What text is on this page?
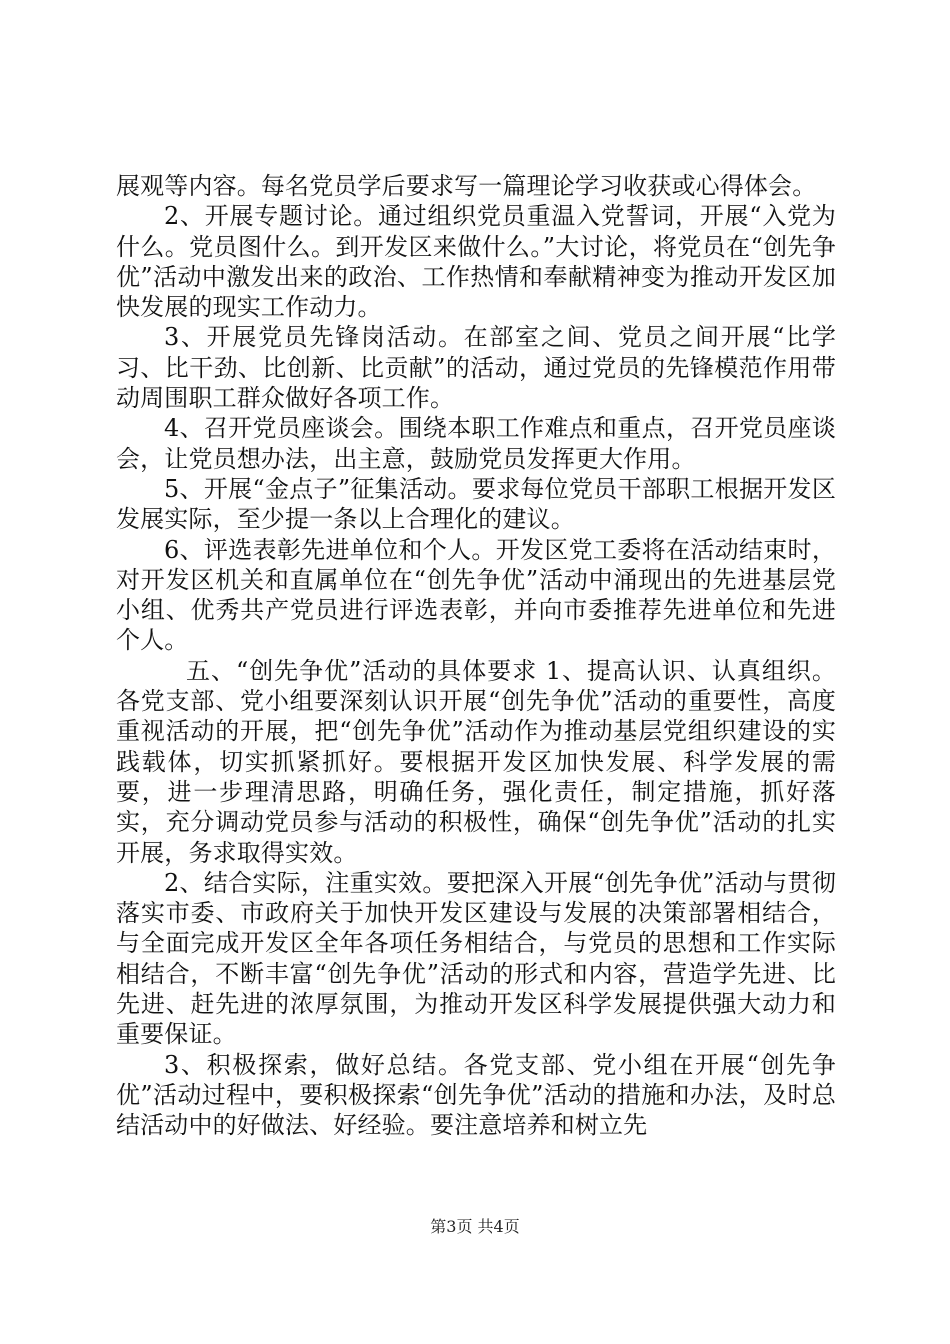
展观等内容。每名党员学后要求写一篇理论学习收获或心得体会。

2、开展专题讨论。通过组织党员重温入党誓词，开展“入党为什么。党员图什么。到开发区来做什么。”大讨论，将党员在“创先争优”活动中激发出来的政治、工作热情和奉献精神变为推动开发区加快发展的现实工作动力。

3、开展党员先锋岗活动。在部室之间、党员之间开展“比学习、比干劲、比创新、比贡献”的活动，通过党员的先锋模范作用带动周围职工群众做好各项工作。

4、召开党员座谈会。围绕本职工作难点和重点，召开党员座谈会，让党员想办法，出主意，鼓励党员发挥更大作用。

5、开展“金点子”征集活动。要求每位党员干部职工根据开发区发展实际，至少提一条以上合理化的建议。

6、评选表彰先进单位和个人。开发区党工委将在活动结束时，对开发区机关和直属单位在“创先争优”活动中涌现出的先进基层党小组、优秀共产党员进行评选表彰，并向市委推荐先进单位和先进个人。

五、“创先争优”活动的具体要求 1、提高认识、认真组织。各党支部、党小组要深刻认识开展“创先争优”活动的重要性，高度重视活动的开展，把“创先争优”活动作为推动基层党组织建设的实践载体，切实抓紧抓好。要根据开发区加快发展、科学发展的需要，进一步理清思路，明确任务，强化责任，制定措施，抓好落实，充分调动党员参与活动的积极性，确保“创先争优”活动的扎实开展，务求取得实效。

2、结合实际，注重实效。要把深入开展“创先争优”活动与贯彻落实市委、市政府关于加快开发区建设与发展的决策部署相结合，与全面完成开发区全年各项任务相结合，与党员的思想和工作实际相结合，不断丰富“创先争优”活动的形式和内容，营造学先进、比先进、赶先进的浓厚氛围，为推动开发区科学发展提供强大动力和重要保证。

3、积极探索，做好总结。各党支部、党小组在开展“创先争优”活动过程中，要积极探索“创先争优”活动的措施和办法，及时总结活动中的好做法、好经验。要注意培养和树立先

第3页 共4页
